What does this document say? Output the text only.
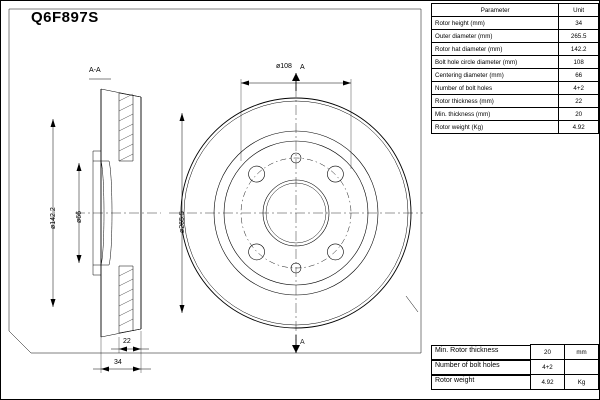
Q6F897S	Parameter	Unit
Rotor height (mm)	34
Outer diameter (mm)	265.5
Rotor hat diameter (mm)	142.2
Bolt hole circle diameter (mm)	108
Centering diameter (mm)	66
Number of bolt holes	4+2
Rotor thickness (mm)	22
Min. thickness (mm)	20
Rotor weight (Kg)	4.92
Min. Rotor thickness	20	mm

Number of bolt holes	4+2	

Rotor weight	4.92	Kg
A-A	A
A
ø108
ø265.5
ø142.2	ø66
22
34
